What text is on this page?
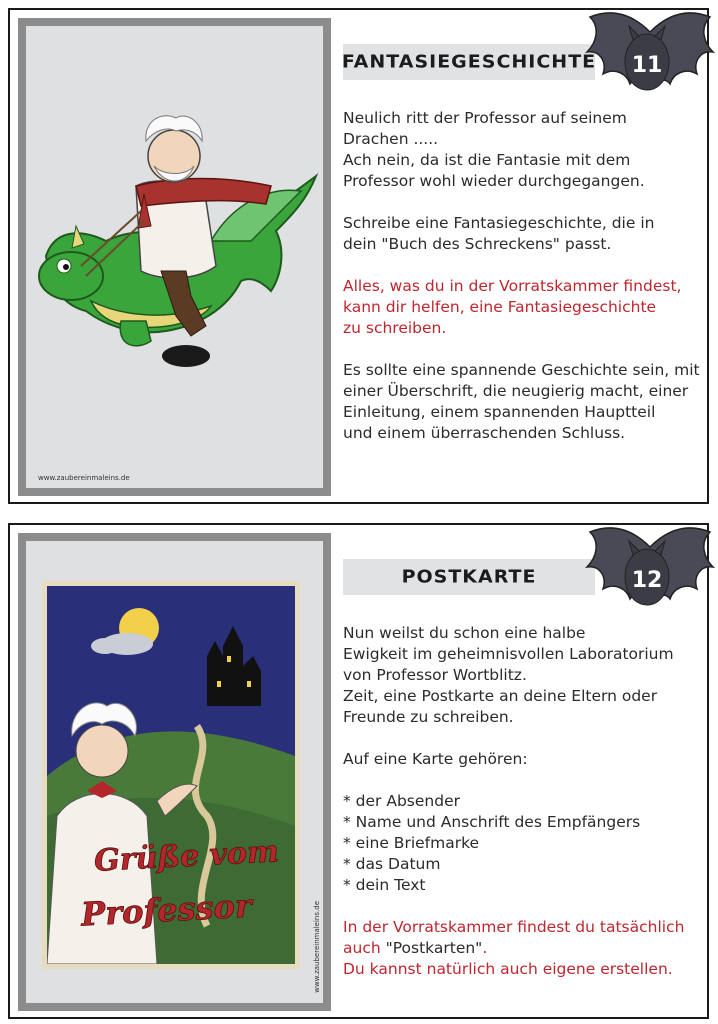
www.zaubereinmaleins.de
FANTASIEGESCHICHTE 11

Neulich ritt der Professor auf seinem
Drachen .....
Ach nein, da ist die Fantasie mit dem
Professor wohl wieder durchgegangen.

Schreibe eine Fantasiegeschichte, die in
dein "Buch des Schreckens" passt.

Alles, was du in der Vorratskammer findest,
kann dir helfen, eine Fantasiegeschichte
zu schreiben.

Es sollte eine spannende Geschichte sein, mit
einer Überschrift, die neugierig macht, einer
Einleitung, einem spannenden Hauptteil
und einem überraschenden Schluss.

Grüße vom
Professor	www.zaubereinmaleins.de
POSTKARTE	12

Nun weilst du schon eine halbe
Ewigkeit im geheimnisvollen Laboratorium
von Professor Wortblitz.
Zeit, eine Postkarte an deine Eltern oder
Freunde zu schreiben.

Auf eine Karte gehören:

* der Absender
* Name und Anschrift des Empfängers
* eine Briefmarke
* das Datum
* dein Text

In der Vorratskammer findest du tatsächlich
auch "Postkarten".
Du kannst natürlich auch eigene erstellen.
